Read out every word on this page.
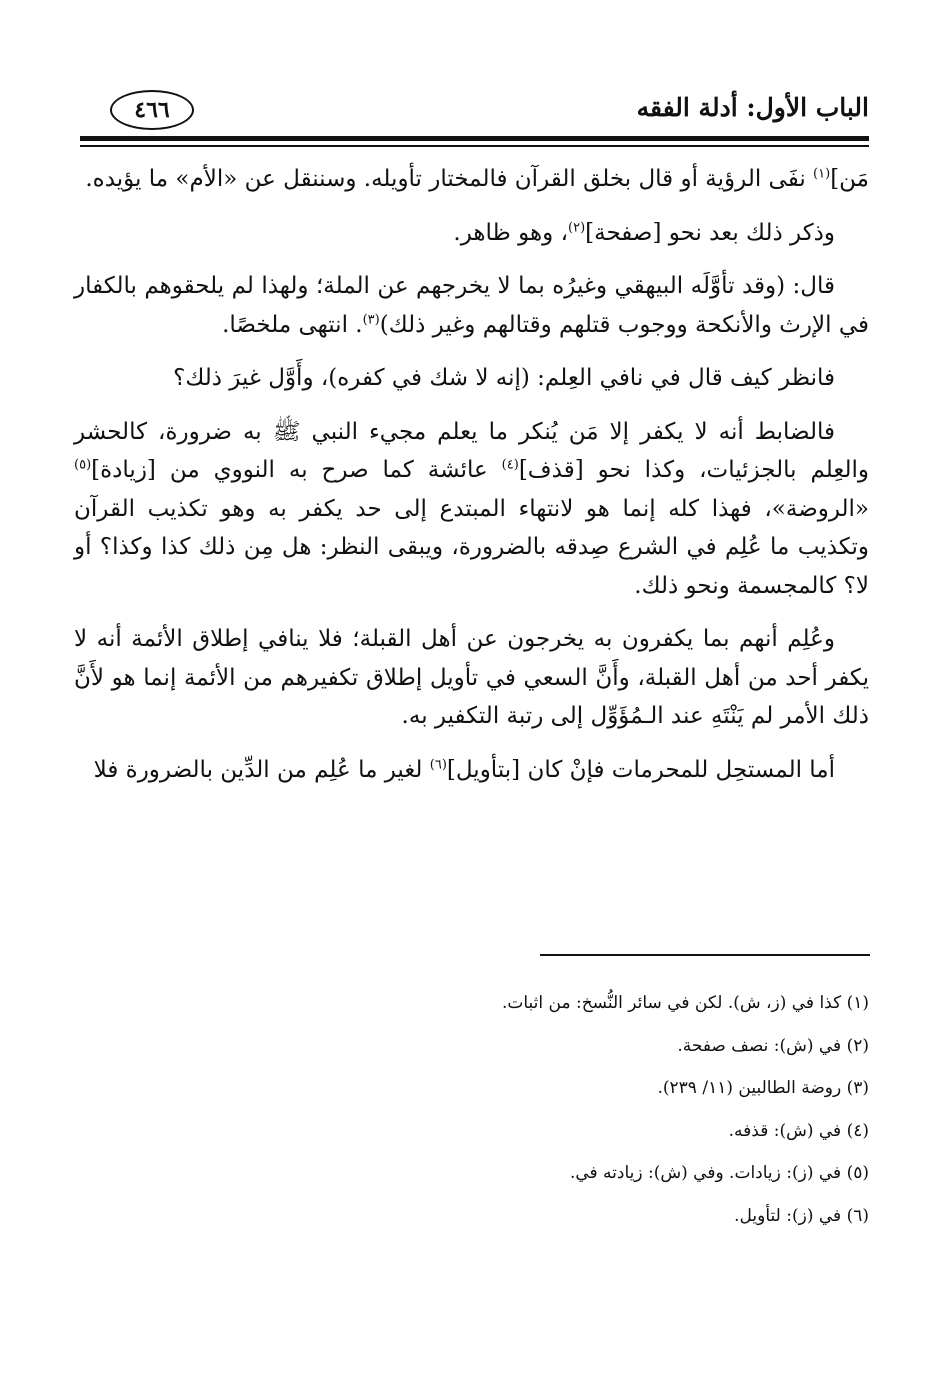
٤٦٦	الباب الأول: أدلة الفقه

مَن]$^{(١)}$ نفَى الرؤية أو قال بخلق القرآن فالمختار تأويله. وسننقل عن «الأم» ما يؤيده.

وذكر ذلك بعد نحو [صفحة]$^{(٢)}$، وهو ظاهر.

قال: (وقد تأوَّلَه البيهقي وغيرُه بما لا يخرجهم عن الملة؛ ولهذا لم يلحقوهم بالكفار في الإرث والأنكحة ووجوب قتلهم وقتالهم وغير ذلك)$^{(٣)}$. انتهى ملخصًا.

فانظر كيف قال في نافي العِلم: (إنه لا شك في كفره)، وأَوَّل غيرَ ذلك؟

فالضابط أنه لا يكفر إلا مَن يُنكر ما يعلم مجيء النبي ﷺ به ضرورة، كالحشر والعِلم بالجزئيات، وكذا نحو [قذف]$^{(٤)}$ عائشة كما صرح به النووي من [زيادة]$^{(٥)}$ «الروضة»، فهذا كله إنما هو لانتهاء المبتدع إلى حد يكفر به وهو تكذيب القرآن وتكذيب ما عُلِم في الشرع صِدقه بالضرورة، ويبقى النظر: هل مِن ذلك كذا وكذا؟ أو لا؟ كالمجسمة ونحو ذلك.

وعُلِم أنهم بما يكفرون به يخرجون عن أهل القبلة؛ فلا ينافي إطلاق الأئمة أنه لا يكفر أحد من أهل القبلة، وأَنَّ السعي في تأويل إطلاق تكفيرهم من الأئمة إنما هو لأَنَّ ذلك الأمر لم يَنْتَهِ عند الـمُؤَوِّل إلى رتبة التكفير به.

أما المستحِل للمحرمات فإنْ كان [بتأويل]$^{(٦)}$ لغير ما عُلِم من الدِّين بالضرورة فلا

(١) كذا في (ز، ش). لكن في سائر النُّسخ: من اثبات.

(٢) في (ش): نصف صفحة.

(٣) روضة الطالبين (١١/ ٢٣٩).

(٤) في (ش): قذفه.

(٥) في (ز): زيادات. وفي (ش): زيادته في.

(٦) في (ز): لتأويل.
